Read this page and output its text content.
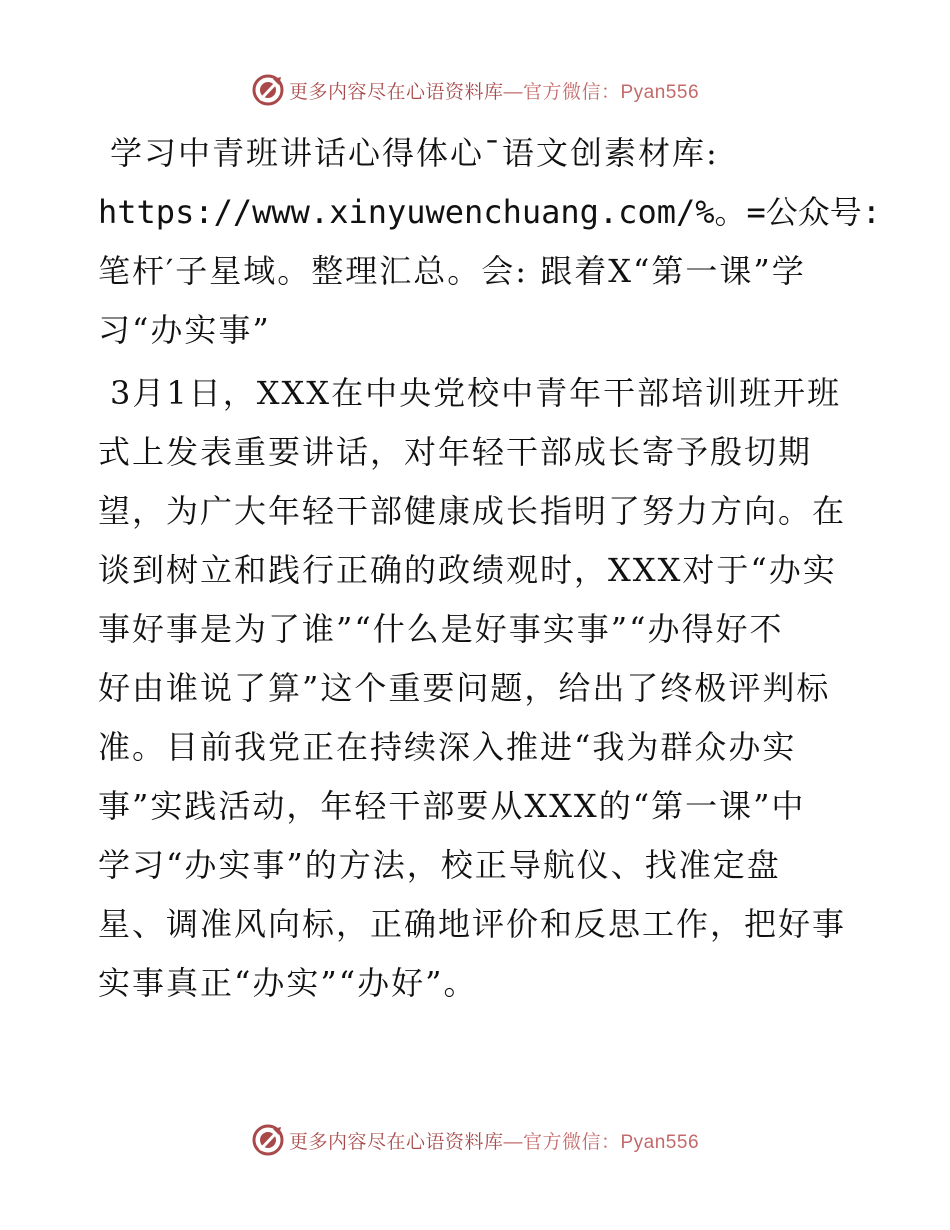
更多内容尽在心语资料库—官方微信：Pyan556
学习中青班讲话心得体心¯语文创素材库:
https://www.xinyuwenchuang.com/%。=公众号:
笔杆′子星域。整理汇总。会: 跟着X“第一课”学
习“办实事”
3月1日，XXX在中央党校中青年干部培训班开班
式上发表重要讲话，对年轻干部成长寄予殷切期
望，为广大年轻干部健康成长指明了努力方向。在
谈到树立和践行正确的政绩观时，XXX对于“办实
事好事是为了谁”“什么是好事实事”“办得好不
好由谁说了算”这个重要问题，给出了终极评判标
准。目前我党正在持续深入推进“我为群众办实
事”实践活动，年轻干部要从XXX的“第一课”中
学习“办实事”的方法，校正导航仪、找准定盘
星、调准风向标，正确地评价和反思工作，把好事
实事真正“办实”“办好”。
更多内容尽在心语资料库—官方微信：Pyan556
